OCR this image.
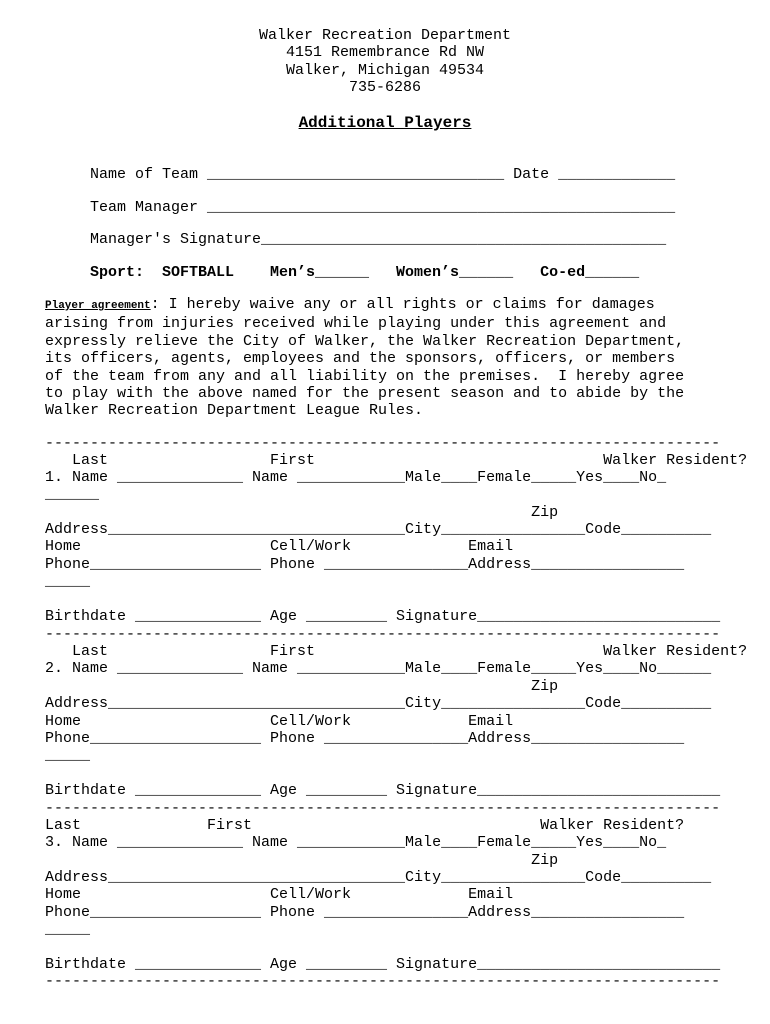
Walker Recreation Department
4151 Remembrance Rd NW
Walker, Michigan 49534
735-6286
Additional Players
Name of Team _________________________________ Date _____________
Team Manager ____________________________________________________
Manager's Signature_____________________________________________
Sport:  SOFTBALL    Men’s______   Women’s______   Co-ed______
Player agreement: I hereby waive any or all rights or claims for damages
arising from injuries received while playing under this agreement and
expressly relieve the City of Walker, the Walker Recreation Department,
its officers, agents, employees and the sponsors, officers, or members
of the team from any and all liability on the premises.  I hereby agree
to play with the above named for the present season and to abide by the
Walker Recreation Department League Rules.
---------------------------------------------------------------------------
Last                  First                                Walker Resident?
1. Name ______________ Name ____________Male____Female_____Yes____No_
______
Zip
Address_________________________________City________________Code__________
Home                     Cell/Work             Email
Phone___________________ Phone ________________Address_________________
_____
Birthdate ______________ Age _________ Signature___________________________
---------------------------------------------------------------------------
Last                  First                                Walker Resident?
2. Name ______________ Name ____________Male____Female_____Yes____No______
Zip
Address_________________________________City________________Code__________
Home                     Cell/Work             Email
Phone___________________ Phone ________________Address_________________
_____
Birthdate ______________ Age _________ Signature___________________________
---------------------------------------------------------------------------
Last              First                                Walker Resident?
3. Name ______________ Name ____________Male____Female_____Yes____No_
Zip
Address_________________________________City________________Code__________
Home                     Cell/Work             Email
Phone___________________ Phone ________________Address_________________
_____
Birthdate ______________ Age _________ Signature___________________________
---------------------------------------------------------------------------
